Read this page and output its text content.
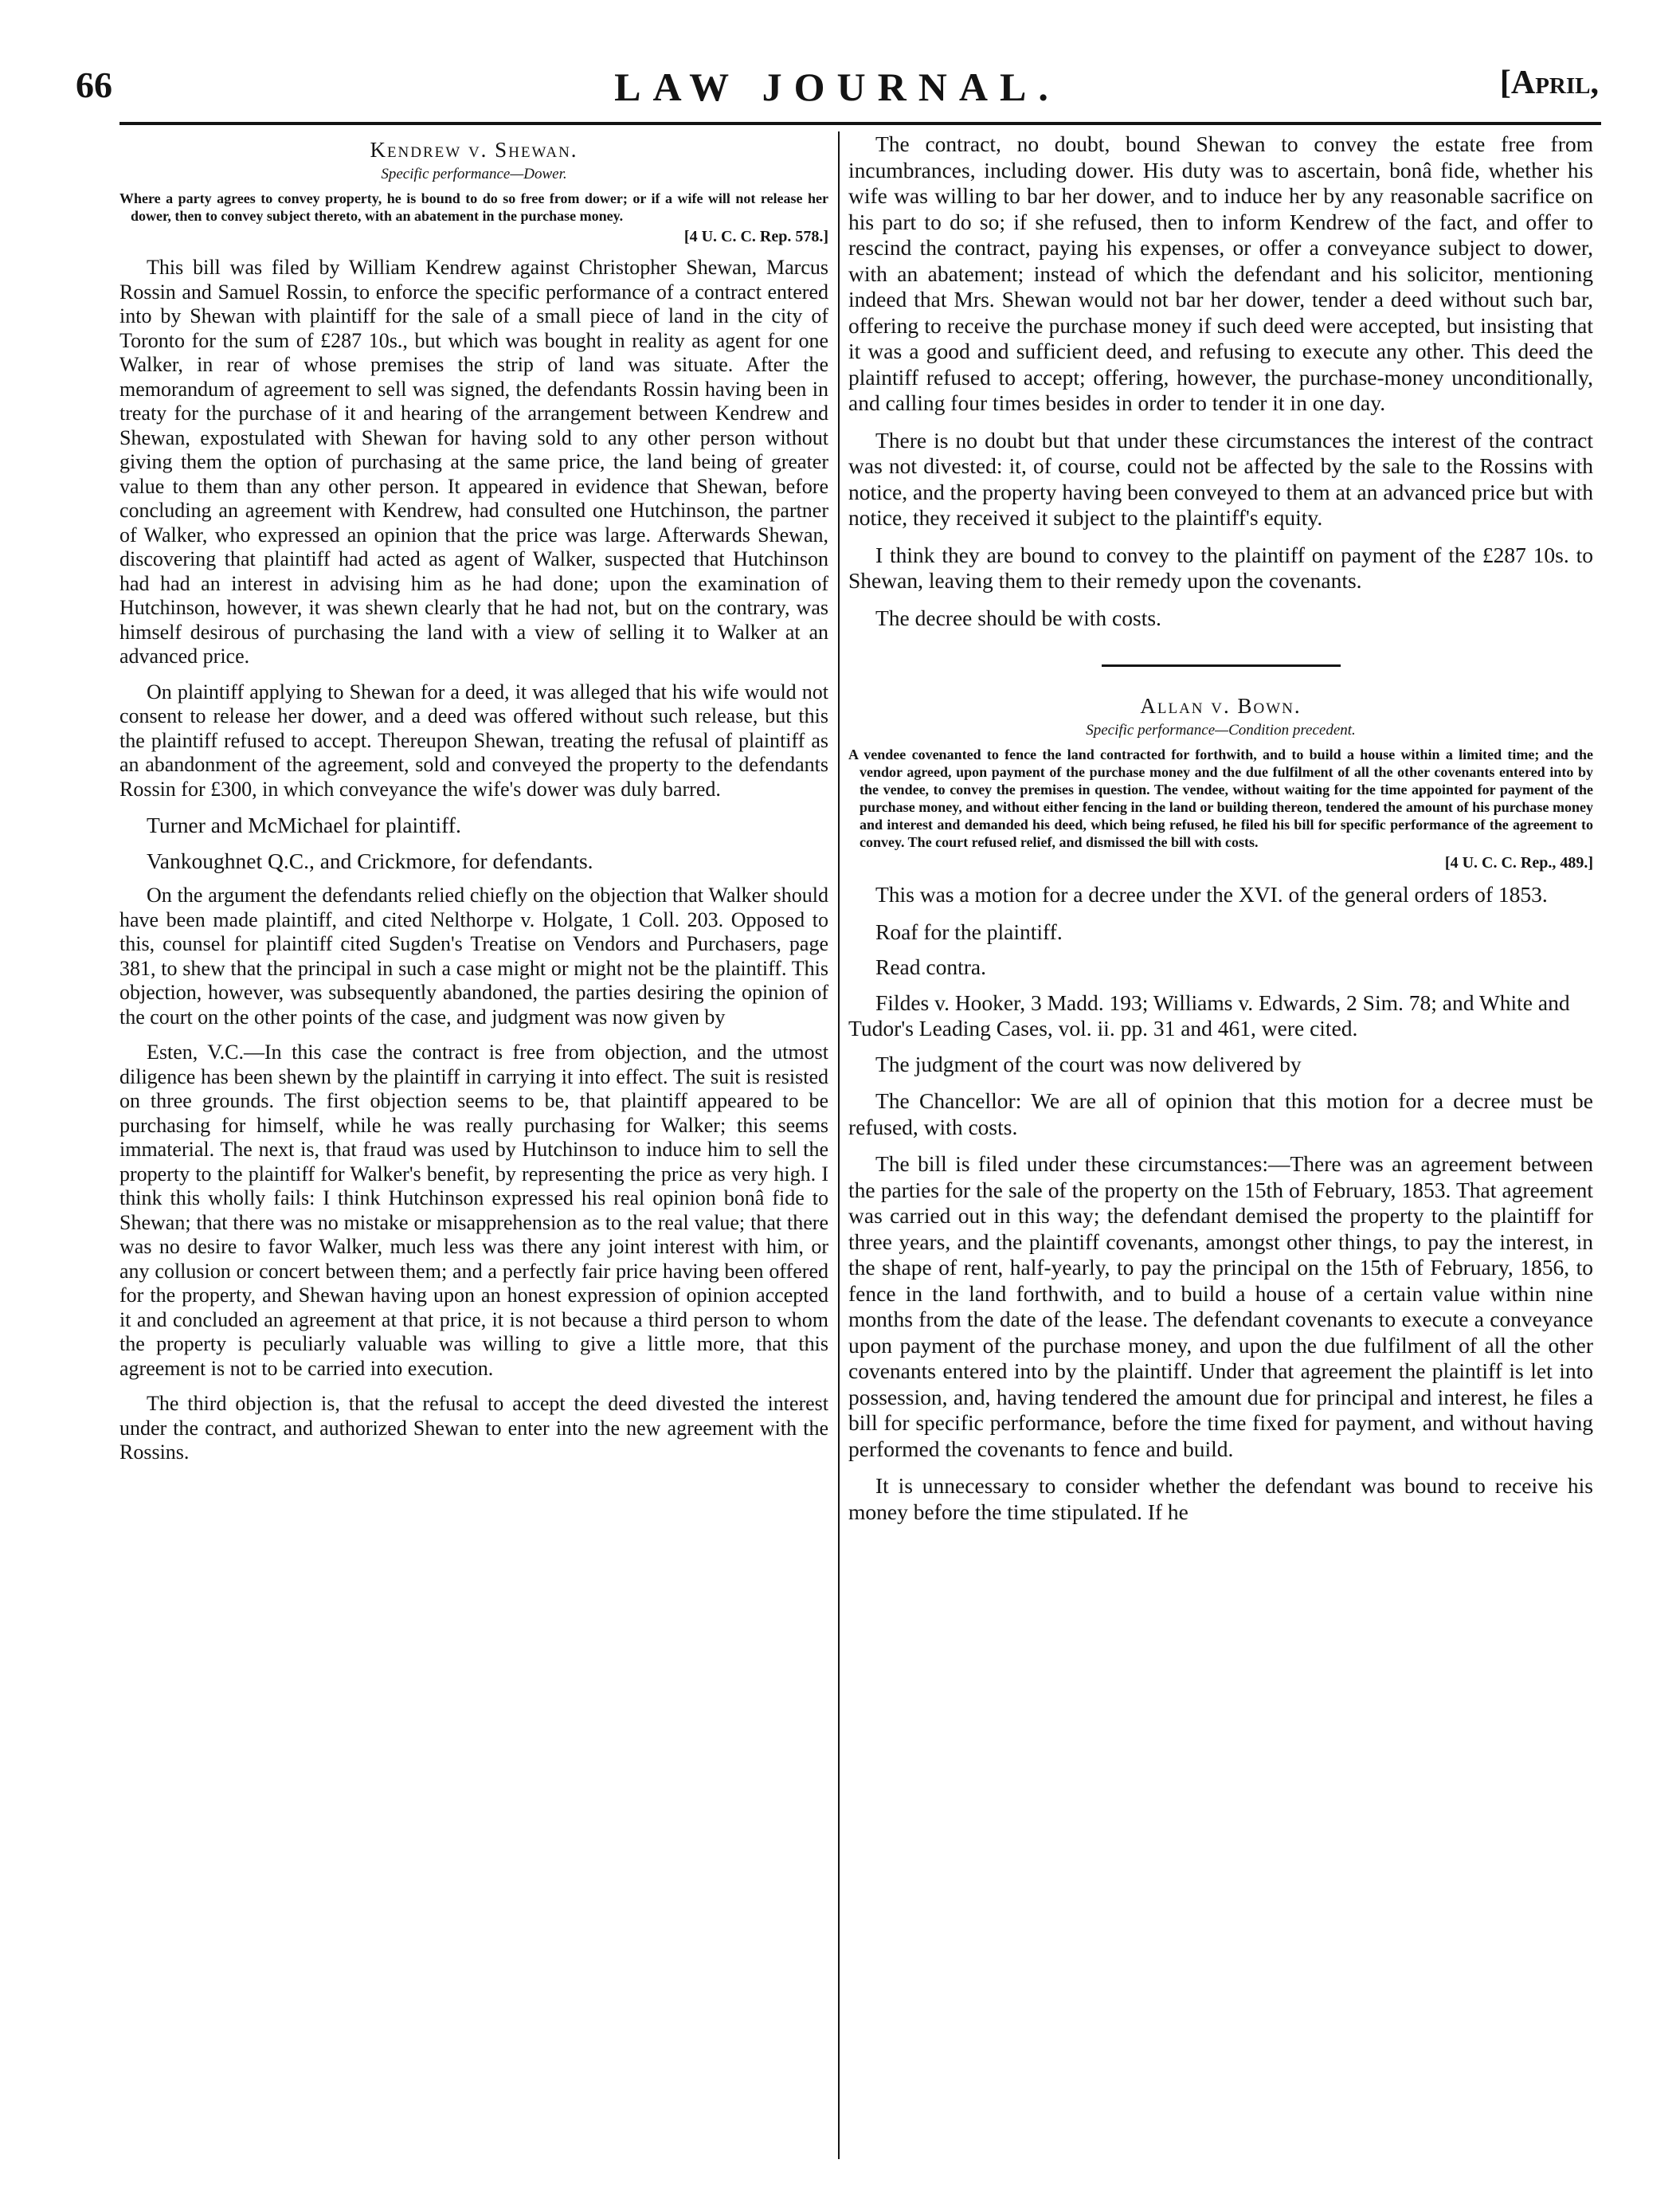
66	LAW JOURNAL.	[April,
Kendrew v. Shewan.
Specific performance—Dower.
Where a party agrees to convey property, he is bound to do so free from dower; or if a wife will not release her dower, then to convey subject thereto, with an abatement in the purchase money.
[4 U. C. C. Rep. 578.]

This bill was filed by William Kendrew against Christopher Shewan, Marcus Rossin and Samuel Rossin, to enforce the specific performance of a contract entered into by Shewan with plaintiff for the sale of a small piece of land in the city of Toronto for the sum of £287 10s., but which was bought in reality as agent for one Walker, in rear of whose premises the strip of land was situate. After the memorandum of agreement to sell was signed, the defendants Rossin having been in treaty for the purchase of it and hearing of the arrangement between Kendrew and Shewan, expostulated with Shewan for having sold to any other person without giving them the option of purchasing at the same price, the land being of greater value to them than any other person. It appeared in evidence that Shewan, before concluding an agreement with Kendrew, had consulted one Hutchinson, the partner of Walker, who expressed an opinion that the price was large. Afterwards Shewan, discovering that plaintiff had acted as agent of Walker, suspected that Hutchinson had had an interest in advising him as he had done; upon the examination of Hutchinson, however, it was shewn clearly that he had not, but on the contrary, was himself desirous of purchasing the land with a view of selling it to Walker at an advanced price.

On plaintiff applying to Shewan for a deed, it was alleged that his wife would not consent to release her dower, and a deed was offered without such release, but this the plaintiff refused to accept. Thereupon Shewan, treating the refusal of plaintiff as an abandonment of the agreement, sold and conveyed the property to the defendants Rossin for £300, in which conveyance the wife's dower was duly barred.

Turner and McMichael for plaintiff.

Vankoughnet Q.C., and Crickmore, for defendants.

On the argument the defendants relied chiefly on the objection that Walker should have been made plaintiff, and cited Nelthorpe v. Holgate, 1 Coll. 203. Opposed to this, counsel for plaintiff cited Sugden's Treatise on Vendors and Purchasers, page 381, to shew that the principal in such a case might or might not be the plaintiff. This objection, however, was subsequently abandoned, the parties desiring the opinion of the court on the other points of the case, and judgment was now given by

Esten, V.C.—In this case the contract is free from objection, and the utmost diligence has been shewn by the plaintiff in carrying it into effect. The suit is resisted on three grounds. The first objection seems to be, that plaintiff appeared to be purchasing for himself, while he was really purchasing for Walker; this seems immaterial. The next is, that fraud was used by Hutchinson to induce him to sell the property to the plaintiff for Walker's benefit, by representing the price as very high. I think this wholly fails: I think Hutchinson expressed his real opinion bonâ fide to Shewan; that there was no mistake or misapprehension as to the real value; that there was no desire to favor Walker, much less was there any joint interest with him, or any collusion or concert between them; and a perfectly fair price having been offered for the property, and Shewan having upon an honest expression of opinion accepted it and concluded an agreement at that price, it is not because a third person to whom the property is peculiarly valuable was willing to give a little more, that this agreement is not to be carried into execution.

The third objection is, that the refusal to accept the deed divested the interest under the contract, and authorized Shewan to enter into the new agreement with the Rossins.

The contract, no doubt, bound Shewan to convey the estate free from incumbrances, including dower. His duty was to ascertain, bonâ fide, whether his wife was willing to bar her dower, and to induce her by any reasonable sacrifice on his part to do so; if she refused, then to inform Kendrew of the fact, and offer to rescind the contract, paying his expenses, or offer a conveyance subject to dower, with an abatement; instead of which the defendant and his solicitor, mentioning indeed that Mrs. Shewan would not bar her dower, tender a deed without such bar, offering to receive the purchase money if such deed were accepted, but insisting that it was a good and sufficient deed, and refusing to execute any other. This deed the plaintiff refused to accept; offering, however, the purchase-money unconditionally, and calling four times besides in order to tender it in one day.

There is no doubt but that under these circumstances the interest of the contract was not divested: it, of course, could not be affected by the sale to the Rossins with notice, and the property having been conveyed to them at an advanced price but with notice, they received it subject to the plaintiff's equity.

I think they are bound to convey to the plaintiff on payment of the £287 10s. to Shewan, leaving them to their remedy upon the covenants.

The decree should be with costs.

Allan v. Bown.
Specific performance—Condition precedent.
A vendee covenanted to fence the land contracted for forthwith, and to build a house within a limited time; and the vendor agreed, upon payment of the purchase money and the due fulfilment of all the other covenants entered into by the vendee, to convey the premises in question. The vendee, without waiting for the time appointed for payment of the purchase money, and without either fencing in the land or building thereon, tendered the amount of his purchase money and interest and demanded his deed, which being refused, he filed his bill for specific performance of the agreement to convey. The court refused relief, and dismissed the bill with costs.
[4 U. C. C. Rep., 489.]

This was a motion for a decree under the XVI. of the general orders of 1853.

Roaf for the plaintiff.

Read contra.

Fildes v. Hooker, 3 Madd. 193; Williams v. Edwards, 2 Sim. 78; and White and Tudor's Leading Cases, vol. ii. pp. 31 and 461, were cited.

The judgment of the court was now delivered by

The Chancellor: We are all of opinion that this motion for a decree must be refused, with costs.

The bill is filed under these circumstances:—There was an agreement between the parties for the sale of the property on the 15th of February, 1853. That agreement was carried out in this way; the defendant demised the property to the plaintiff for three years, and the plaintiff covenants, amongst other things, to pay the interest, in the shape of rent, half-yearly, to pay the principal on the 15th of February, 1856, to fence in the land forthwith, and to build a house of a certain value within nine months from the date of the lease. The defendant covenants to execute a conveyance upon payment of the purchase money, and upon the due fulfilment of all the other covenants entered into by the plaintiff. Under that agreement the plaintiff is let into possession, and, having tendered the amount due for principal and interest, he files a bill for specific performance, before the time fixed for payment, and without having performed the covenants to fence and build.

It is unnecessary to consider whether the defendant was bound to receive his money before the time stipulated. If he
